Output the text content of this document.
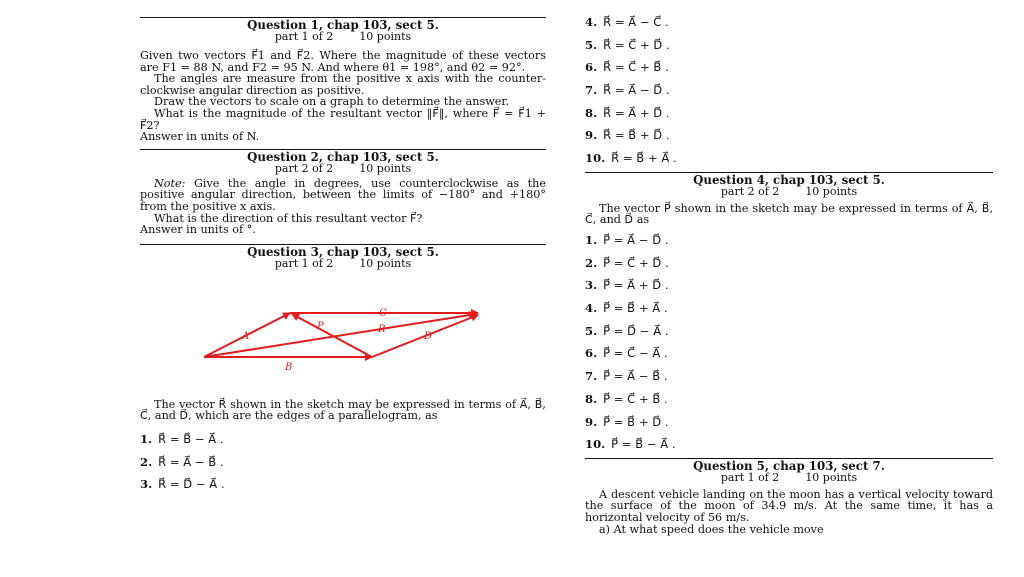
Question 1, chap 103, sect 5.
part 1 of 2 10 points
Given two vectors F⃗1 and F⃗2. Where the magnitude of these vectors are F1 = 88 N, and F2 = 95 N. And where θ1 = 198°, and θ2 = 92°.
The angles are measure from the positive x axis with the counter-clockwise angular direction as positive.
Draw the vectors to scale on a graph to determine the answer.
What is the magnitude of the resultant vector ‖F⃗‖, where F⃗ = F⃗1 + F⃗2?
Answer in units of N.
Question 2, chap 103, sect 5.
part 2 of 2 10 points
Note: Give the angle in degrees, use counterclockwise as the positive angular direction, between the limits of −180° and +180° from the positive x axis.
What is the direction of this resultant vector F⃗?
Answer in units of °.
Question 3, chap 103, sect 5.
part 1 of 2 10 points
A
B
C
D
P	R
The vector R⃗ shown in the sketch may be expressed in terms of A⃗, B⃗, C⃗, and D⃗, which are the edges of a parallelogram, as
1. R⃗ = B⃗ − A⃗ .
2. R⃗ = A⃗ − B⃗ .
3. R⃗ = D⃗ − A⃗ .
4. R⃗ = A⃗ − C⃗ .
5. R⃗ = C⃗ + D⃗ .
6. R⃗ = C⃗ + B⃗ .
7. R⃗ = A⃗ − D⃗ .
8. R⃗ = A⃗ + D⃗ .
9. R⃗ = B⃗ + D⃗ .
10. R⃗ = B⃗ + A⃗ .
Question 4, chap 103, sect 5.
part 2 of 2 10 points
The vector P⃗ shown in the sketch may be expressed in terms of A⃗, B⃗, C⃗, and D⃗ as
1. P⃗ = A⃗ − D⃗ .
2. P⃗ = C⃗ + D⃗ .
3. P⃗ = A⃗ + D⃗ .
4. P⃗ = B⃗ + A⃗ .
5. P⃗ = D⃗ − A⃗ .
6. P⃗ = C⃗ − A⃗ .
7. P⃗ = A⃗ − B⃗ .
8. P⃗ = C⃗ + B⃗ .
9. P⃗ = B⃗ + D⃗ .
10. P⃗ = B⃗ − A⃗ .
Question 5, chap 103, sect 7.
part 1 of 2 10 points
A descent vehicle landing on the moon has a vertical velocity toward the surface of the moon of 34.9 m/s. At the same time, it has a horizontal velocity of 56 m/s.
a) At what speed does the vehicle move
